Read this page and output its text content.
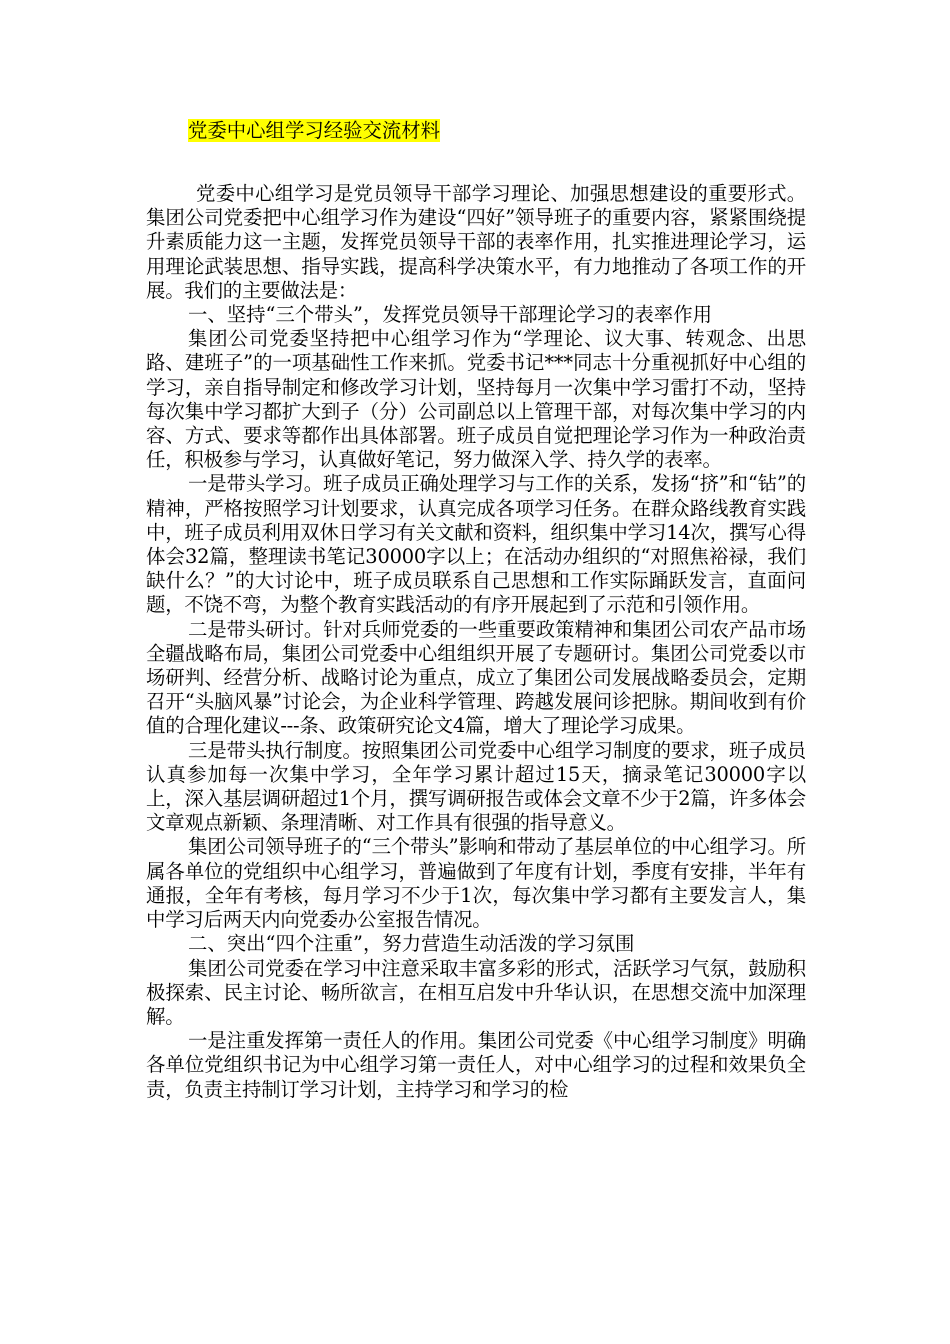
党委中心组学习经验交流材料

党委中心组学习是党员领导干部学习理论、加强思想建设的重要形式。集团公司党委把中心组学习作为建设“四好”领导班子的重要内容，紧紧围绕提升素质能力这一主题，发挥党员领导干部的表率作用，扎实推进理论学习，运用理论武装思想、指导实践，提高科学决策水平，有力地推动了各项工作的开展。我们的主要做法是：

一、坚持“三个带头”，发挥党员领导干部理论学习的表率作用

集团公司党委坚持把中心组学习作为“学理论、议大事、转观念、出思路、建班子”的一项基础性工作来抓。党委书记***同志十分重视抓好中心组的学习，亲自指导制定和修改学习计划，坚持每月一次集中学习雷打不动，坚持每次集中学习都扩大到子（分）公司副总以上管理干部，对每次集中学习的内容、方式、要求等都作出具体部署。班子成员自觉把理论学习作为一种政治责任，积极参与学习，认真做好笔记，努力做深入学、持久学的表率。

一是带头学习。班子成员正确处理学习与工作的关系，发扬“挤”和“钻”的精神，严格按照学习计划要求，认真完成各项学习任务。在群众路线教育实践中，班子成员利用双休日学习有关文献和资料，组织集中学习14次，撰写心得体会32篇，整理读书笔记30000字以上；在活动办组织的“对照焦裕禄，我们缺什么？”的大讨论中，班子成员联系自己思想和工作实际踊跃发言，直面问题，不饶不弯，为整个教育实践活动的有序开展起到了示范和引领作用。

二是带头研讨。针对兵师党委的一些重要政策精神和集团公司农产品市场全疆战略布局，集团公司党委中心组组织开展了专题研讨。集团公司党委以市场研判、经营分析、战略讨论为重点，成立了集团公司发展战略委员会，定期召开“头脑风暴”讨论会，为企业科学管理、跨越发展问诊把脉。期间收到有价值的合理化建议---条、政策研究论文4篇，增大了理论学习成果。

三是带头执行制度。按照集团公司党委中心组学习制度的要求，班子成员认真参加每一次集中学习，全年学习累计超过15天，摘录笔记30000字以上，深入基层调研超过1个月，撰写调研报告或体会文章不少于2篇，许多体会文章观点新颖、条理清晰、对工作具有很强的指导意义。

集团公司领导班子的“三个带头”影响和带动了基层单位的中心组学习。所属各单位的党组织中心组学习，普遍做到了年度有计划，季度有安排，半年有通报，全年有考核，每月学习不少于1次，每次集中学习都有主要发言人，集中学习后两天内向党委办公室报告情况。

二、突出“四个注重”，努力营造生动活泼的学习氛围

集团公司党委在学习中注意采取丰富多彩的形式，活跃学习气氛，鼓励积极探索、民主讨论、畅所欲言，在相互启发中升华认识，在思想交流中加深理解。

一是注重发挥第一责任人的作用。集团公司党委《中心组学习制度》明确各单位党组织书记为中心组学习第一责任人，对中心组学习的过程和效果负全责，负责主持制订学习计划，主持学习和学习的检
